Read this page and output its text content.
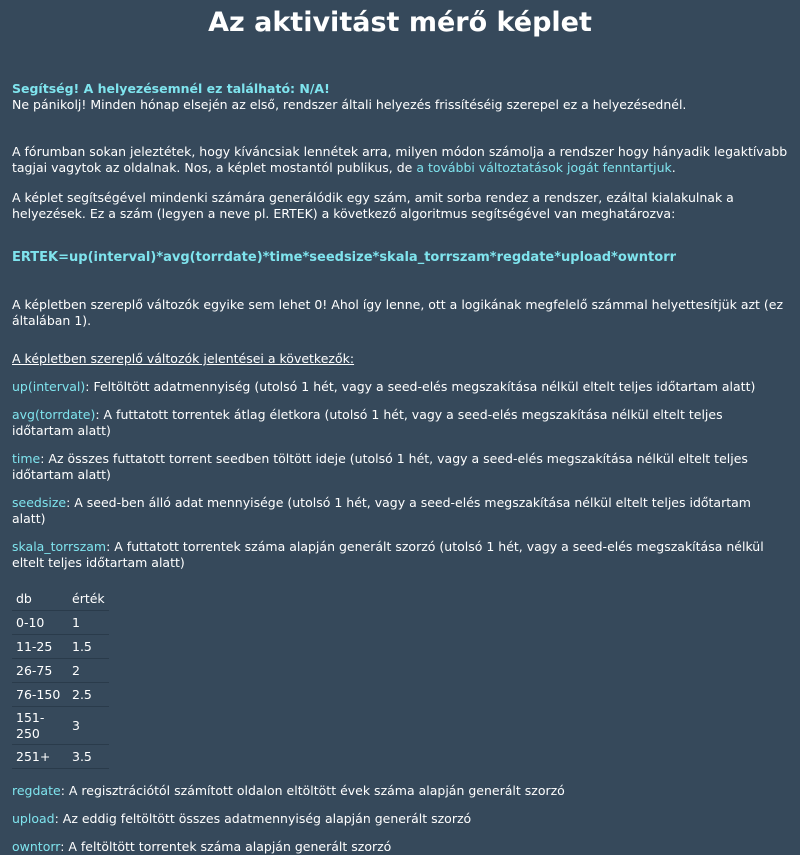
Az aktivitást mérő képlet
Segítség! A helyezésemnél ez található: N/A!

Ne pánikolj! Minden hónap elsején az első, rendszer általi helyezés frissítéséig szerepel ez a helyezésednél.

A fórumban sokan jeleztétek, hogy kíváncsiak lennétek arra, milyen módon számolja a rendszer hogy hányadik legaktívabb tagjai vagytok az oldalnak. Nos, a képlet mostantól publikus, de a további változtatások jogát fenntartjuk.

A képlet segítségével mindenki számára generálódik egy szám, amit sorba rendez a rendszer, ezáltal kialakulnak a helyezések. Ez a szám (legyen a neve pl. ERTEK) a következő algoritmus segítségével van meghatározva:

ERTEK=up(interval)*avg(torrdate)*time*seedsize*skala_torrszam*regdate*upload*owntorr

A képletben szereplő változók egyike sem lehet 0! Ahol így lenne, ott a logikának megfelelő számmal helyettesítjük azt (ez általában 1).

A képletben szereplő változók jelentései a következők:

up(interval): Feltöltött adatmennyiség (utolsó 1 hét, vagy a seed-elés megszakítása nélkül eltelt teljes időtartam alatt)

avg(torrdate): A futtatott torrentek átlag életkora (utolsó 1 hét, vagy a seed-elés megszakítása nélkül eltelt teljes időtartam alatt)

time: Az összes futtatott torrent seedben töltött ideje (utolsó 1 hét, vagy a seed-elés megszakítása nélkül eltelt teljes időtartam alatt)

seedsize: A seed-ben álló adat mennyisége (utolsó 1 hét, vagy a seed-elés megszakítása nélkül eltelt teljes időtartam alatt)

skala_torrszam: A futtatott torrentek száma alapján generált szorzó (utolsó 1 hét, vagy a seed-elés megszakítása nélkül eltelt teljes időtartam alatt)

db	érték
0-10	1
11-25	1.5
26-75	2
76-150	2.5
151-250	3
251+	3.5

regdate: A regisztrációtól számított oldalon eltöltött évek száma alapján generált szorzó

upload: Az eddig feltöltött összes adatmennyiség alapján generált szorzó

owntorr: A feltöltött torrentek száma alapján generált szorzó
